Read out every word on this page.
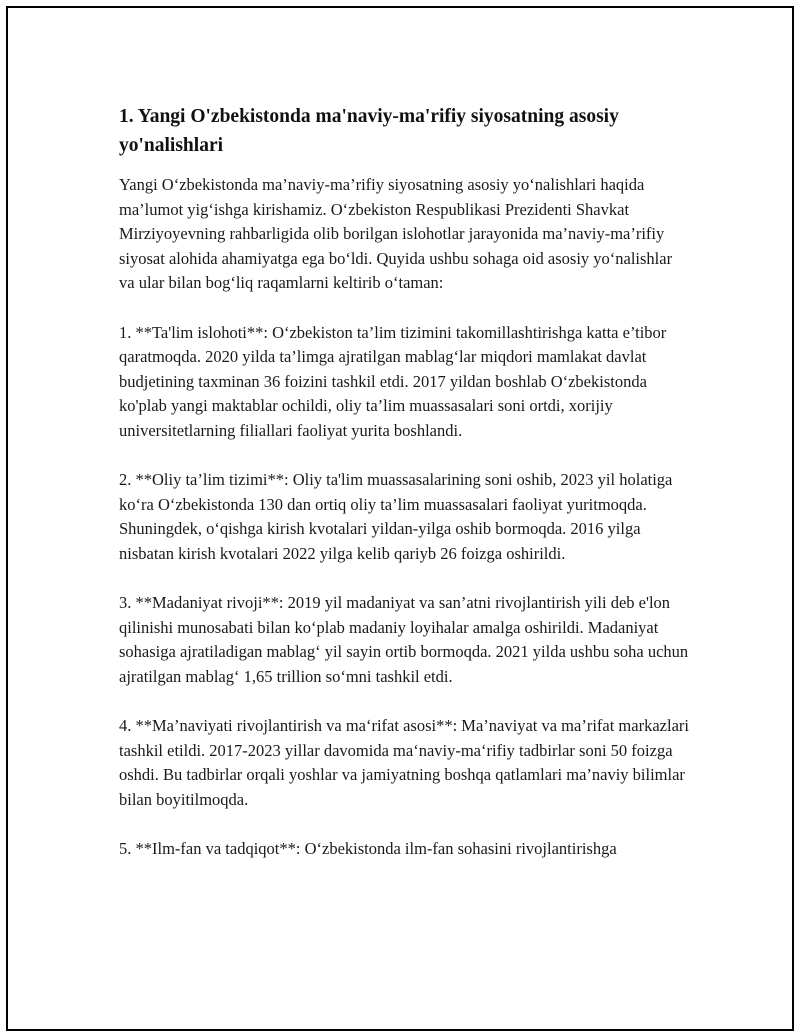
1. Yangi O'zbekistonda ma'naviy-ma'rifiy siyosatning asosiy yo'nalishlari

Yangi O‘zbekistonda ma’naviy-ma’rifiy siyosatning asosiy yo‘nalishlari haqida ma’lumot yig‘ishga kirishamiz. O‘zbekiston Respublikasi Prezidenti Shavkat Mirziyoyevning rahbarligida olib borilgan islohotlar jarayonida ma’naviy-ma’rifiy siyosat alohida ahamiyatga ega bo‘ldi. Quyida ushbu sohaga oid asosiy yo‘nalishlar va ular bilan bog‘liq raqamlarni keltirib o‘taman:

1. **Ta'lim islohoti**: O‘zbekiston ta’lim tizimini takomillashtirishga katta e’tibor qaratmoqda. 2020 yilda ta’limga ajratilgan mablag‘lar miqdori mamlakat davlat budjetining taxminan 36 foizini tashkil etdi. 2017 yildan boshlab O‘zbekistonda ko'plab yangi maktablar ochildi, oliy ta’lim muassasalari soni ortdi, xorijiy universitetlarning filiallari faoliyat yurita boshlandi.

2. **Oliy ta’lim tizimi**: Oliy ta'lim muassasalarining soni oshib, 2023 yil holatiga ko‘ra O‘zbekistonda 130 dan ortiq oliy ta’lim muassasalari faoliyat yuritmoqda. Shuningdek, o‘qishga kirish kvotalari yildan-yilga oshib bormoqda. 2016 yilga nisbatan kirish kvotalari 2022 yilga kelib qariyb 26 foizga oshirildi.

3. **Madaniyat rivoji**: 2019 yil madaniyat va san’atni rivojlantirish yili deb e'lon qilinishi munosabati bilan ko‘plab madaniy loyihalar amalga oshirildi. Madaniyat sohasiga ajratiladigan mablag‘ yil sayin ortib bormoqda. 2021 yilda ushbu soha uchun ajratilgan mablag‘ 1,65 trillion so‘mni tashkil etdi.

4. **Ma’naviyati rivojlantirish va ma‘rifat asosi**: Ma’naviyat va ma’rifat markazlari tashkil etildi. 2017-2023 yillar davomida ma‘naviy-ma‘rifiy tadbirlar soni 50 foizga oshdi. Bu tadbirlar orqali yoshlar va jamiyatning boshqa qatlamlari ma’naviy bilimlar bilan boyitilmoqda.

5. **Ilm-fan va tadqiqot**: O‘zbekistonda ilm-fan sohasini rivojlantirishga
